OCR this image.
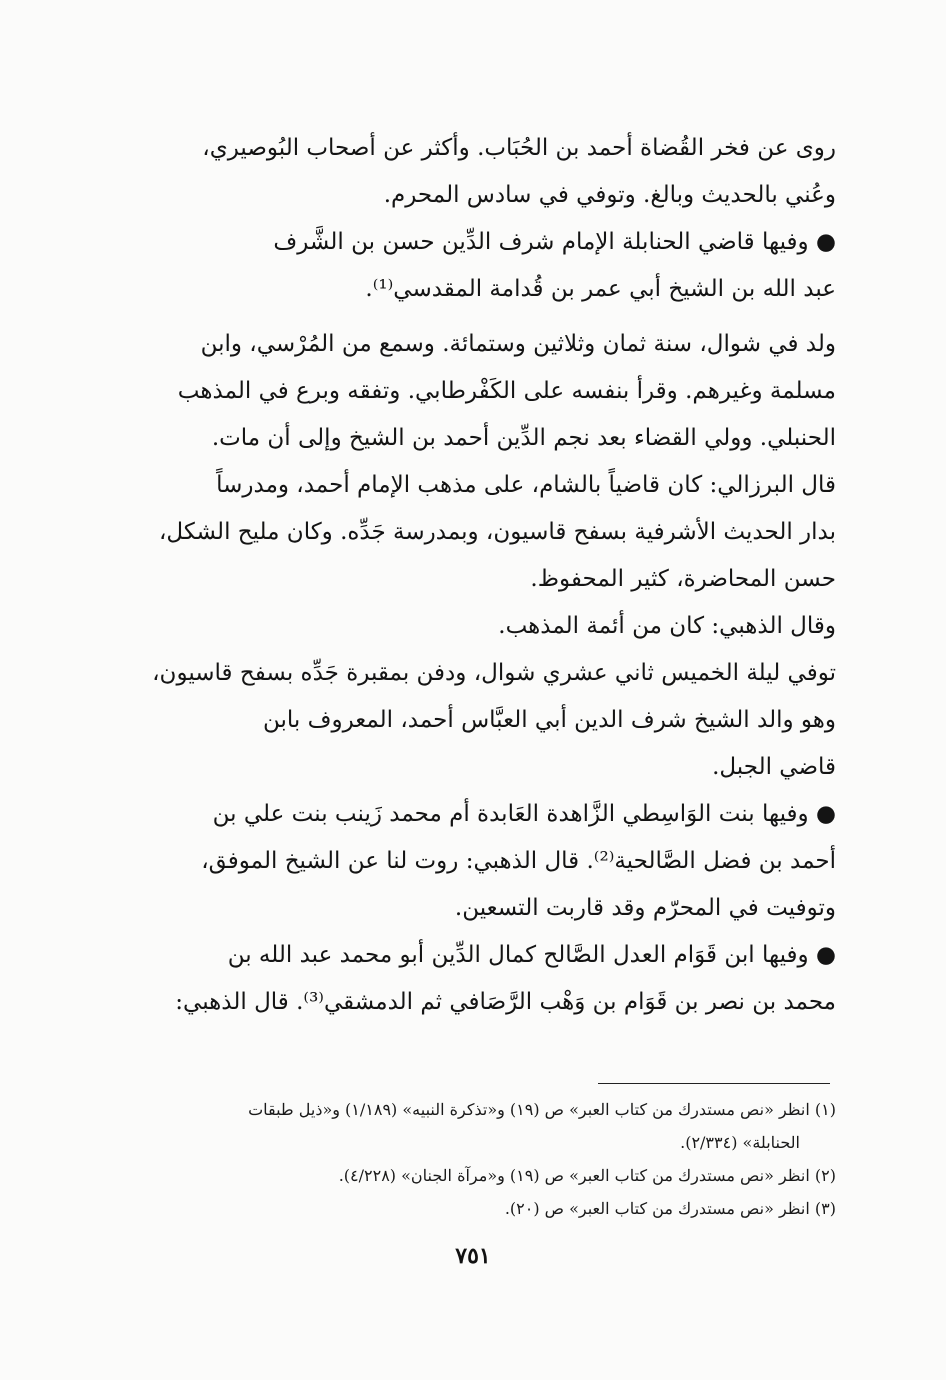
روى عن فخر القُضاة أحمد بن الحُبَاب. وأكثر عن أصحاب البُوصيري،
وعُني بالحديث وبالغ. وتوفي في سادس المحرم.
● وفيها قاضي الحنابلة الإمام شرف الدِّين حسن بن الشَّرف
عبد الله بن الشيخ أبي عمر بن قُدامة المقدسي⁽¹⁾.
ولد في شوال، سنة ثمان وثلاثين وستمائة. وسمع من المُرْسي، وابن
مسلمة وغيرهم. وقرأ بنفسه على الكَفْرطابي. وتفقه وبرع في المذهب
الحنبلي. وولي القضاء بعد نجم الدِّين أحمد بن الشيخ وإلى أن مات.
قال البرزالي: كان قاضياً بالشام، على مذهب الإمام أحمد، ومدرساً
بدار الحديث الأشرفية بسفح قاسيون، وبمدرسة جَدِّه. وكان مليح الشكل،
حسن المحاضرة، كثير المحفوظ.
وقال الذهبي: كان من أئمة المذهب.
توفي ليلة الخميس ثاني عشري شوال، ودفن بمقبرة جَدِّه بسفح قاسيون،
وهو والد الشيخ شرف الدين أبي العبَّاس أحمد، المعروف بابن
قاضي الجبل.
● وفيها بنت الوَاسِطي الزَّاهدة العَابدة أم محمد زَينب بنت علي بن
أحمد بن فضل الصَّالحية⁽²⁾. قال الذهبي: روت لنا عن الشيخ الموفق،
وتوفيت في المحرّم وقد قاربت التسعين.
● وفيها ابن قَوَام العدل الصَّالح كمال الدِّين أبو محمد عبد الله بن
محمد بن نصر بن قَوَام بن وَهْب الرَّصَافي ثم الدمشقي⁽³⁾. قال الذهبي:
(١) انظر «نص مستدرك من كتاب العبر» ص (١٩) و«تذكرة النبيه» (١/١٨٩) و«ذيل طبقات
الحنابلة» (٢/٣٣٤).
(٢) انظر «نص مستدرك من كتاب العبر» ص (١٩) و«مرآة الجنان» (٤/٢٢٨).
(٣) انظر «نص مستدرك من كتاب العبر» ص (٢٠).
٧٥١
